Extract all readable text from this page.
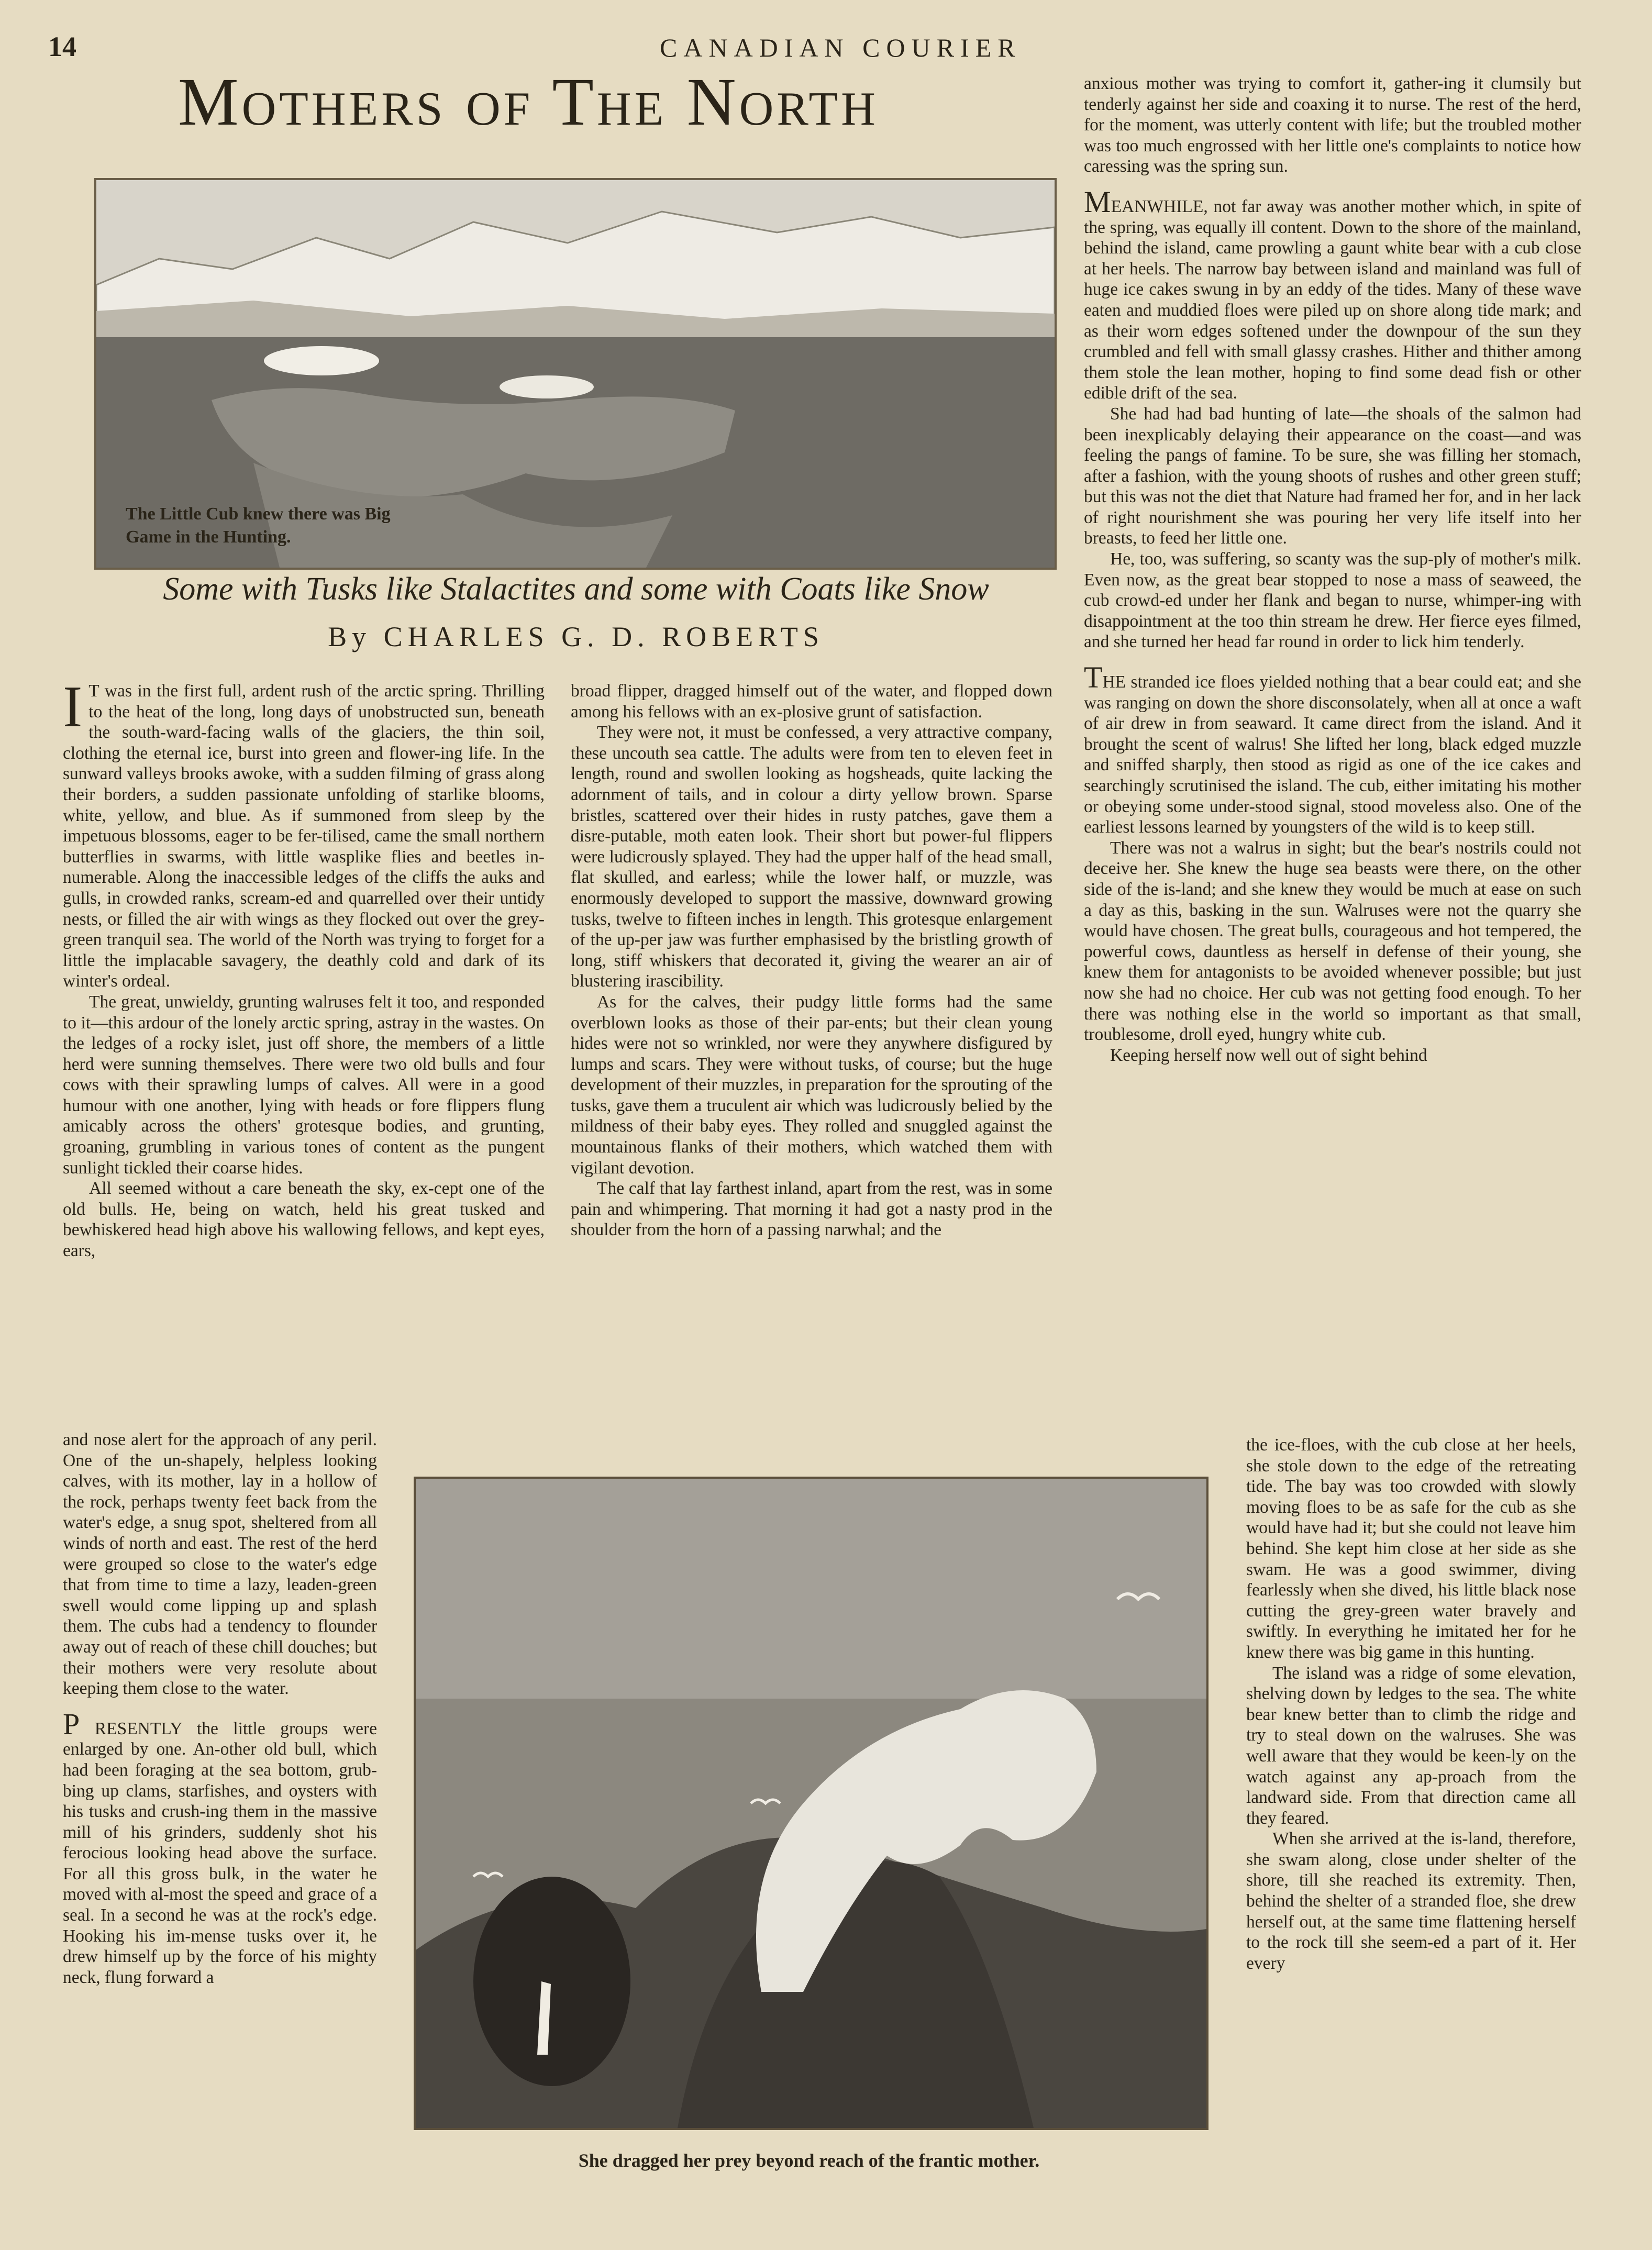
14	CANADIAN COURIER
Mothers of The North
The Little Cub knew there was Big Game in the Hunting.
Some with Tusks like Stalactites and some with Coats like Snow
By CHARLES G. D. ROBERTS

I T was in the first full, ardent rush of the arctic spring. Thrilling to the heat of the long, long days of unobstructed sun, beneath the south-ward-facing walls of the glaciers, the thin soil, clothing the eternal ice, burst into green and flower-ing life. In the sunward valleys brooks awoke, with a sudden filming of grass along their borders, a sudden passionate unfolding of starlike blooms, white, yellow, and blue. As if summoned from sleep by the impetuous blossoms, eager to be fer-tilised, came the small northern butterflies in swarms, with little wasplike flies and beetles in-numerable. Along the inaccessible ledges of the cliffs the auks and gulls, in crowded ranks, scream-ed and quarrelled over their untidy nests, or filled the air with wings as they flocked out over the grey-green tranquil sea. The world of the North was trying to forget for a little the implacable savagery, the deathly cold and dark of its winter's ordeal.

The great, unwieldy, grunting walruses felt it too, and responded to it—this ardour of the lonely arctic spring, astray in the wastes. On the ledges of a rocky islet, just off shore, the members of a little herd were sunning themselves. There were two old bulls and four cows with their sprawling lumps of calves. All were in a good humour with one another, lying with heads or fore flippers flung amicably across the others' grotesque bodies, and grunting, groaning, grumbling in various tones of content as the pungent sunlight tickled their coarse hides.

All seemed without a care beneath the sky, ex-cept one of the old bulls. He, being on watch, held his great tusked and bewhiskered head high above his wallowing fellows, and kept eyes, ears,

and nose alert for the approach of any peril. One of the un-shapely, helpless looking calves, with its mother, lay in a hollow of the rock, perhaps twenty feet back from the water's edge, a snug spot, sheltered from all winds of north and east. The rest of the herd were grouped so close to the water's edge that from time to time a lazy, leaden-green swell would come lipping up and splash them. The cubs had a tendency to flounder away out of reach of these chill douches; but their mothers were very resolute about keeping them close to the water.

P RESENTLY the little groups were enlarged by one. An-other old bull, which had been foraging at the sea bottom, grub-bing up clams, starfishes, and oysters with his tusks and crush-ing them in the massive mill of his grinders, suddenly shot his ferocious looking head above the surface. For all this gross bulk, in the water he moved with al-most the speed and grace of a seal. In a second he was at the rock's edge. Hooking his im-mense tusks over it, he drew himself up by the force of his mighty neck, flung forward a

broad flipper, dragged himself out of the water, and flopped down among his fellows with an ex-plosive grunt of satisfaction.

They were not, it must be confessed, a very attractive company, these uncouth sea cattle. The adults were from ten to eleven feet in length, round and swollen looking as hogsheads, quite lacking the adornment of tails, and in colour a dirty yellow brown. Sparse bristles, scattered over their hides in rusty patches, gave them a disre-putable, moth eaten look. Their short but power-ful flippers were ludicrously splayed. They had the upper half of the head small, flat skulled, and earless; while the lower half, or muzzle, was enormously developed to support the massive, downward growing tusks, twelve to fifteen inches in length. This grotesque enlargement of the up-per jaw was further emphasised by the bristling growth of long, stiff whiskers that decorated it, giving the wearer an air of blustering irascibility.

As for the calves, their pudgy little forms had the same overblown looks as those of their par-ents; but their clean young hides were not so wrinkled, nor were they anywhere disfigured by lumps and scars. They were without tusks, of course; but the huge development of their muzzles, in preparation for the sprouting of the tusks, gave them a truculent air which was ludicrously belied by the mildness of their baby eyes. They rolled and snuggled against the mountainous flanks of their mothers, which watched them with vigilant devotion.

The calf that lay farthest inland, apart from the rest, was in some pain and whimpering. That morning it had got a nasty prod in the shoulder from the horn of a passing narwhal; and the

anxious mother was trying to comfort it, gather-ing it clumsily but tenderly against her side and coaxing it to nurse. The rest of the herd, for the moment, was utterly content with life; but the troubled mother was too much engrossed with her little one's complaints to notice how caressing was the spring sun.

MEANWHILE, not far away was another mother which, in spite of the spring, was equally ill content. Down to the shore of the mainland, behind the island, came prowling a gaunt white bear with a cub close at her heels. The narrow bay between island and mainland was full of huge ice cakes swung in by an eddy of the tides. Many of these wave eaten and muddied floes were piled up on shore along tide mark; and as their worn edges softened under the downpour of the sun they crumbled and fell with small glassy crashes. Hither and thither among them stole the lean mother, hoping to find some dead fish or other edible drift of the sea.

She had had bad hunting of late—the shoals of the salmon had been inexplicably delaying their appearance on the coast—and was feeling the pangs of famine. To be sure, she was filling her stomach, after a fashion, with the young shoots of rushes and other green stuff; but this was not the diet that Nature had framed her for, and in her lack of right nourishment she was pouring her very life itself into her breasts, to feed her little one.

He, too, was suffering, so scanty was the sup-ply of mother's milk. Even now, as the great bear stopped to nose a mass of seaweed, the cub crowd-ed under her flank and began to nurse, whimper-ing with disappointment at the too thin stream he drew. Her fierce eyes filmed, and she turned her head far round in order to lick him tenderly.

THE stranded ice floes yielded nothing that a bear could eat; and she was ranging on down the shore disconsolately, when all at once a waft of air drew in from seaward. It came direct from the island. And it brought the scent of walrus! She lifted her long, black edged muzzle and sniffed sharply, then stood as rigid as one of the ice cakes and searchingly scrutinised the island. The cub, either imitating his mother or obeying some under-stood signal, stood moveless also. One of the earliest lessons learned by youngsters of the wild is to keep still.

There was not a walrus in sight; but the bear's nostrils could not deceive her. She knew the huge sea beasts were there, on the other side of the is-land; and she knew they would be much at ease on such a day as this, basking in the sun. Walruses were not the quarry she would have chosen. The great bulls, courageous and hot tempered, the powerful cows, dauntless as herself in defense of their young, she knew them for antagonists to be avoided whenever possible; but just now she had no choice. Her cub was not getting food enough. To her there was nothing else in the world so important as that small, troublesome, droll eyed, hungry white cub.

Keeping herself now well out of sight behind

the ice-floes, with the cub close at her heels, she stole down to the edge of the retreating tide. The bay was too crowded with slowly moving floes to be as safe for the cub as she would have had it; but she could not leave him behind. She kept him close at her side as she swam. He was a good swimmer, diving fearlessly when she dived, his little black nose cutting the grey-green water bravely and swiftly. In everything he imitated her for he knew there was big game in this hunting.

The island was a ridge of some elevation, shelving down by ledges to the sea. The white bear knew better than to climb the ridge and try to steal down on the walruses. She was well aware that they would be keen-ly on the watch against any ap-proach from the landward side. From that direction came all they feared.

When she arrived at the is-land, therefore, she swam along, close under shelter of the shore, till she reached its extremity. Then, behind the shelter of a stranded floe, she drew herself out, at the same time flattening herself to the rock till she seem-ed a part of it. Her every

She dragged her prey beyond reach of the frantic mother.
